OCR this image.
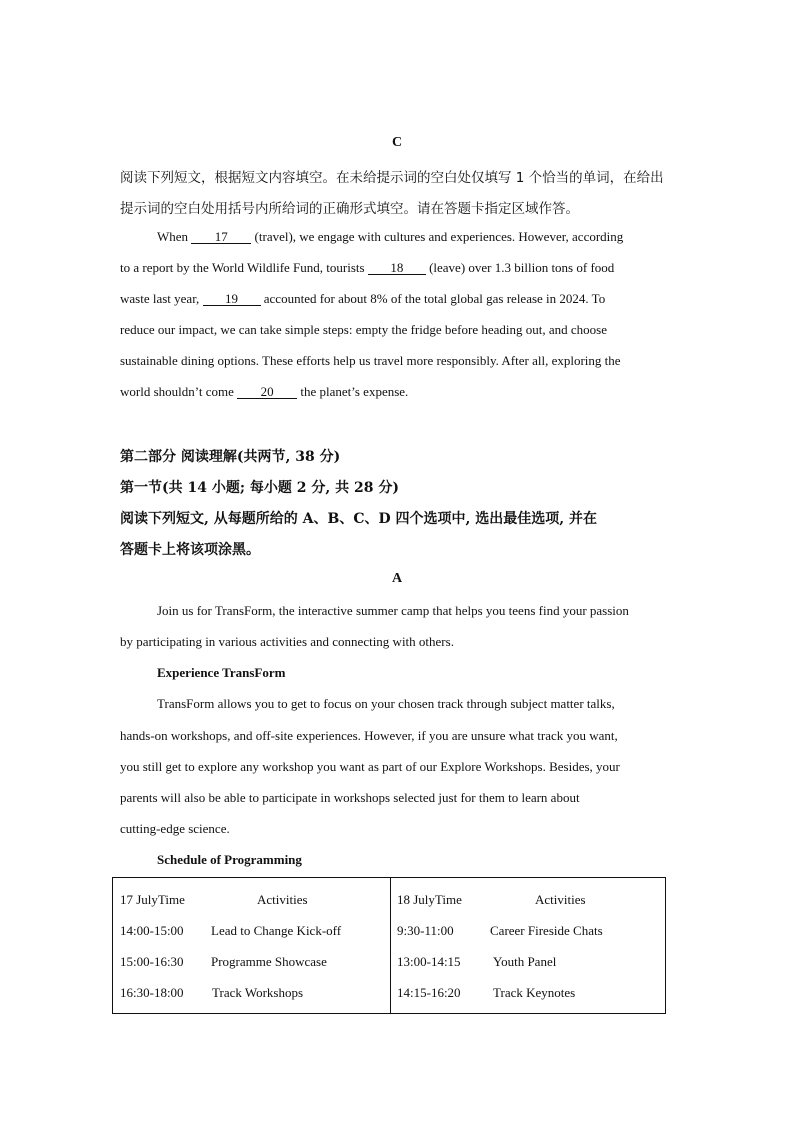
C
阅读下列短文，根据短文内容填空。在未给提示词的空白处仅填写 1 个恰当的单词，在给出
提示词的空白处用括号内所给词的正确形式填空。请在答题卡指定区域作答。
When 17 (travel), we engage with cultures and experiences. However, according
to a report by the World Wildlife Fund, tourists 18 (leave) over 1.3 billion tons of food
waste last year, 19 accounted for about 8% of the total global gas release in 2024. To
reduce our impact, we can take simple steps: empty the fridge before heading out, and choose
sustainable dining options. These efforts help us travel more responsibly. After all, exploring the
world shouldn’t come 20 the planet’s expense.
第二部分 阅读理解(共两节, 38 分)
第一节(共 14 小题; 每小题 2 分, 共 28 分)
阅读下列短文, 从每题所给的 A、B、C、D 四个选项中, 选出最佳选项, 并在
答题卡上将该项涂黑。
A
Join us for TransForm, the interactive summer camp that helps you teens find your passion
by participating in various activities and connecting with others.
Experience TransForm
TransForm allows you to get to focus on your chosen track through subject matter talks,
hands-on workshops, and off-site experiences. However, if you are unsure what track you want,
you still get to explore any workshop you want as part of our Explore Workshops. Besides, your
parents will also be able to participate in workshops selected just for them to learn about
cutting-edge science.
Schedule of Programming
17 JulyTime	Activities
14:00-15:00 Lead to Change Kick-off
15:00-16:30 Programme Showcase
16:30-18:00 Track Workshops

18 JulyTime	Activities
9:30-11:00	Career Fireside Chats
13:00-14:15 Youth Panel
14:15-16:20 Track Keynotes
